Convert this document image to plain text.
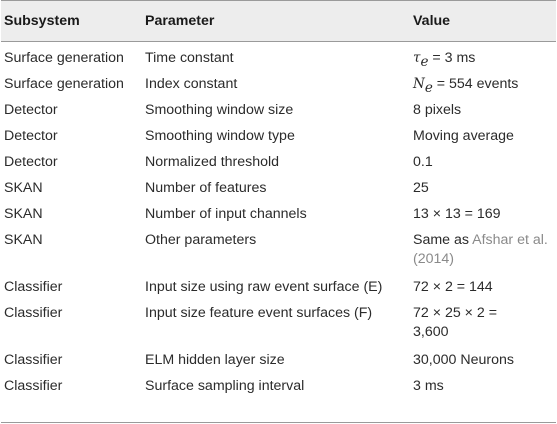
Subsystem	Parameter	Value
Surface generation	Time constant	$\tau_e = 3$ ms
Surface generation	Index constant	$N_e = 554$ events
Detector	Smoothing window size	8 pixels
Detector	Smoothing window type	Moving average
Detector	Normalized threshold	0.1
SKAN	Number of features	25
SKAN	Number of input channels	13 × 13 = 169
SKAN	Other parameters	Same as Afshar et al. (2014)
Classifier	Input size using raw event surface (E)	72 × 2 = 144
Classifier	Input size feature event surfaces (F)	72 × 25 × 2 =
3,600
Classifier	ELM hidden layer size	30,000 Neurons
Classifier	Surface sampling interval	3 ms
